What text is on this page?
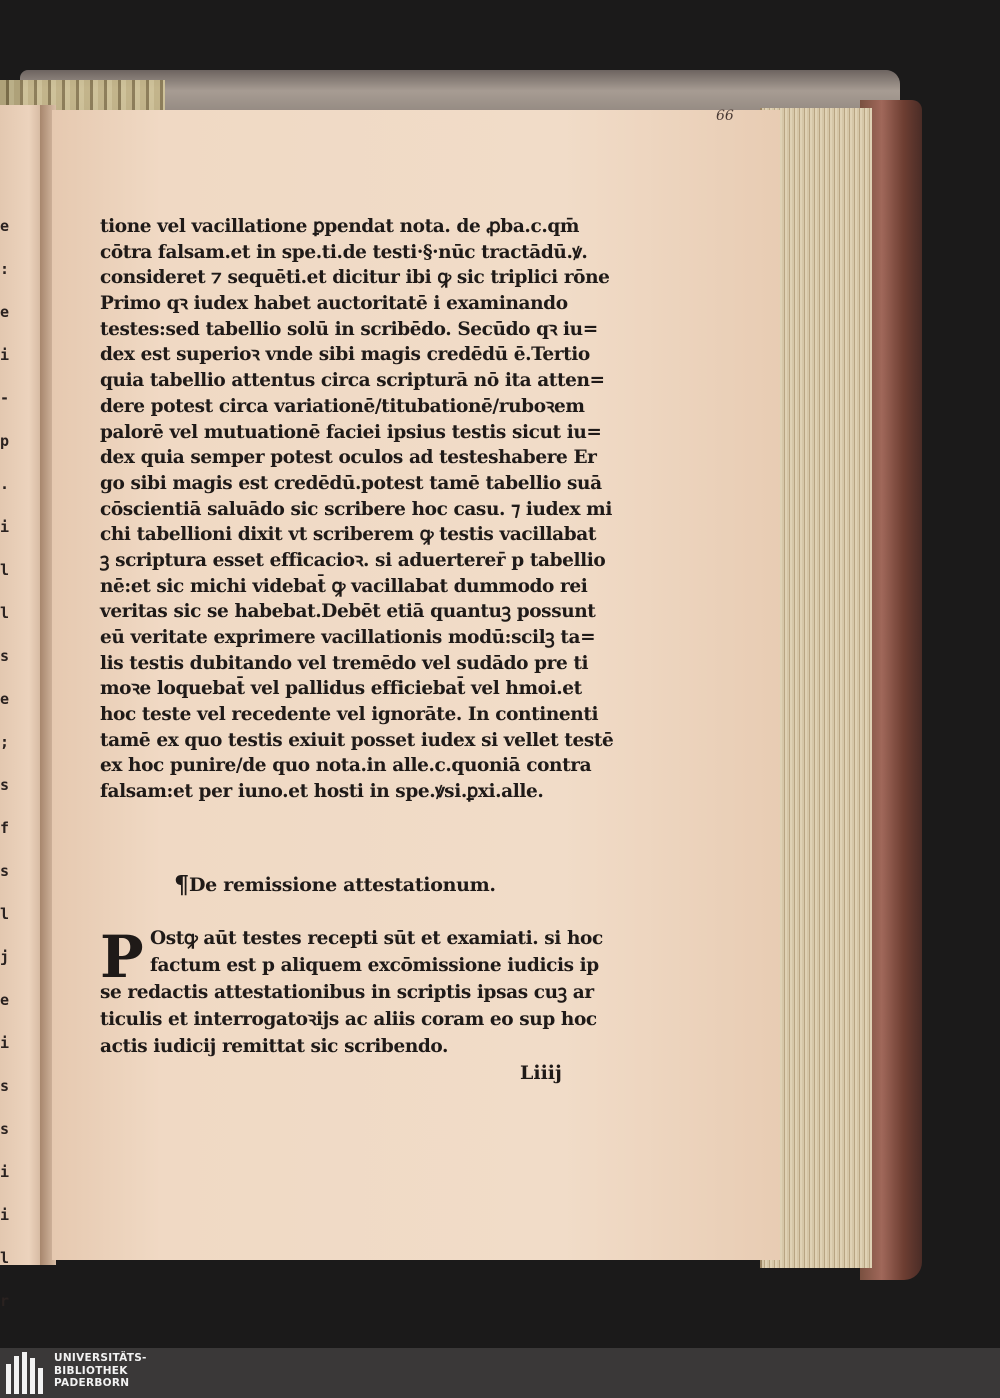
e
:
e
i
-
p
.
i
l
l
s
e
;
s
f
s
l
j
e
i
s
s
i
i
l
r
66
tione vel vacillatione ꝑpendat nota. de ꝓba.c.qm̄
cōtra falsam.et in spe.ti.de testi·§·nūc tractādū.ꝟ.
consideret ⁊ sequēti.et dicitur ibi ꝙ sic triplici rōne
Primo qꝛ iudex habet auctoritatē i examinando
testes:sed tabellio solū in scribēdo. Secūdo qꝛ iu=
dex est superioꝛ vnde sibi magis credēdū ē.Tertio
quia tabellio attentus circa scripturā nō ita atten=
dere potest circa variationē/titubationē/ruboꝛem
palorē vel mutuationē faciei ipsius testis sicut iu=
dex quia semper potest oculos ad testeshabere Er
go sibi magis est credēdū.potest tamē tabellio suā
cōscientiā saluādo sic scribere hoc casu. ⁊ iudex mi
chi tabellioni dixit vt scriberem ꝙ testis vacillabat
ꝫ scriptura esset efficacioꝛ. si aduerterer̄ p tabellio
nē:et sic michi videbat̄ ꝙ vacillabat dummodo rei
veritas sic se habebat.Debēt etiā quantuꝫ possunt
eū veritate exprimere vacillationis modū:scilꝫ ta=
lis testis dubitando vel tremēdo vel sudādo pre ti
moꝛe loquebat̄ vel pallidus efficiebat̄ vel hmoi.et
hoc teste vel recedente vel ignorāte. In continenti
tamē ex quo testis exiuit posset iudex si vellet testē
ex hoc punire/de quo nota.in alle.c.quoniā contra
falsam:et per iuno.et hosti in spe.ꝟsi.ꝑxi.alle.
¶De remissione attestationum.
P Ostꝙ aūt testes recepti sūt et examiati. si hoc
factum est p aliquem excōmissione iudicis ip
se redactis attestationibus in scriptis ipsas cuꝫ ar
ticulis et interrogatoꝛijs ac aliis coram eo sup hoc
actis iudicij remittat sic scribendo.
Liiij
UNIVERSITÄTS-
BIBLIOTHEK
PADERBORN
